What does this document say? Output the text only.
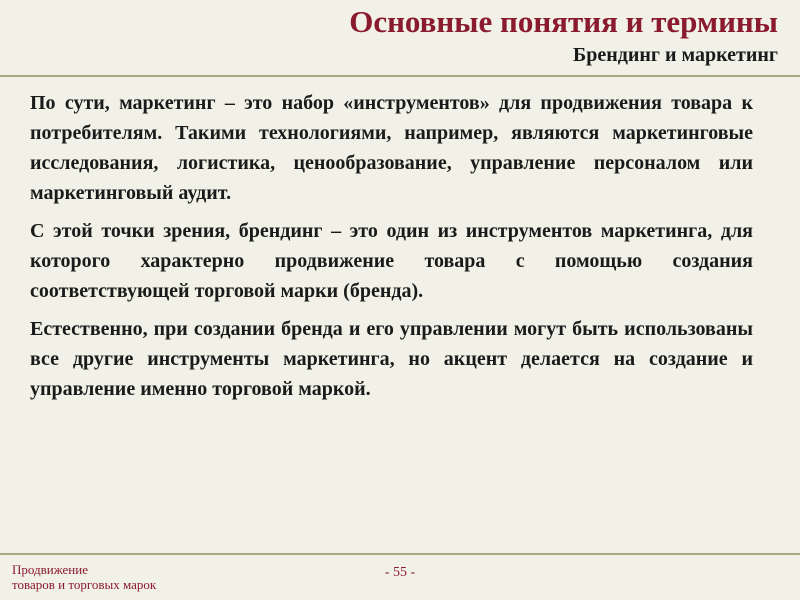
Основные понятия и термины
Брендинг и маркетинг

По сути, маркетинг – это набор «инструментов» для продвижения товара к потребителям. Такими технологиями, например, являются маркетинговые исследования, логистика, ценообразование, управление персоналом или маркетинговый аудит.

С этой точки зрения, брендинг – это один из инструментов маркетинга, для которого характерно продвижение товара с помощью создания соответствующей торговой марки (бренда).

Естественно, при создании бренда и его управлении могут быть использованы все другие инструменты маркетинга, но акцент делается на создание и управление именно торговой маркой.

Продвижение
товаров и торговых марок
- 55 -
